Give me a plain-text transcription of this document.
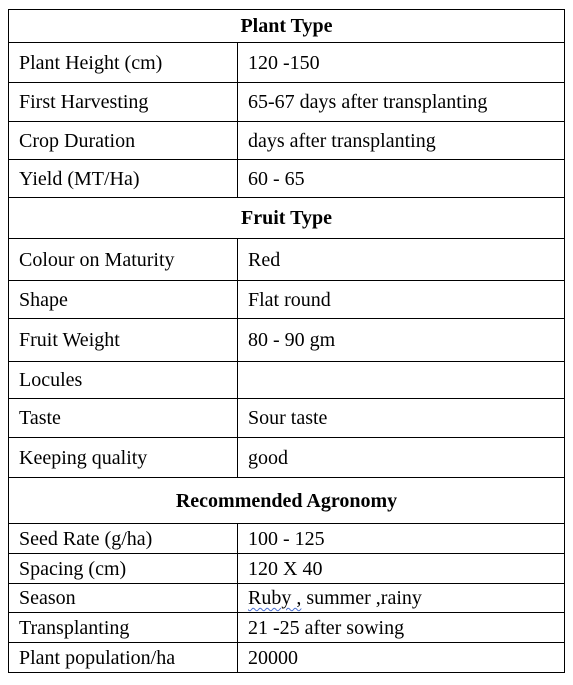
Plant Type	
Plant Height (cm)	120 -150
First Harvesting	65-67 days after transplanting
Crop Duration	days after transplanting
Yield (MT/Ha)	60 - 65
Fruit Type	
Colour on Maturity	Red
Shape	Flat round
Fruit Weight	80 - 90 gm
Locules	
Taste	Sour taste
Keeping quality	good
Recommended Agronomy	
Seed Rate (g/ha)	100 - 125
Spacing (cm)	120 X 40
Season	Ruby , summer ,rainy
Transplanting	21 -25 after sowing
Plant population/ha	20000
